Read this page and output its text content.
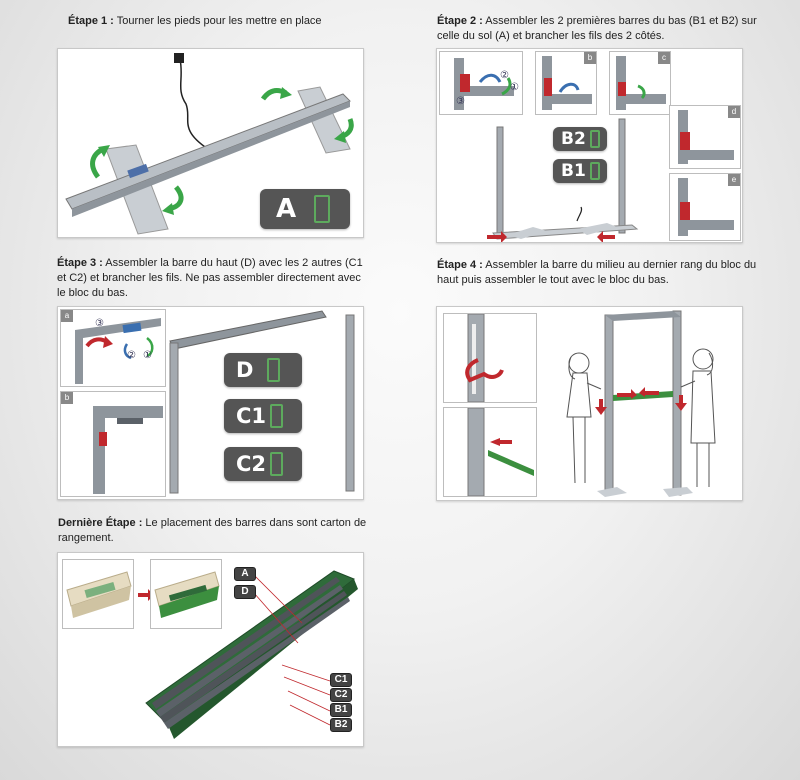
Étape 1 : Tourner les pieds pour les mettre en place
A
Étape 2 : Assembler les 2 premières barres du bas (B1 et B2) sur celle du sol (A) et brancher les fils des 2 côtés.
②
①
③
b	c
d
e
B2
B1
Étape 3 : Assembler la barre du haut (D) avec les 2 autres (C1 et C2) et brancher les fils. Ne pas assembler directement avec le bloc du bas.
a
③
② ①
b
D
C1
C2
Étape 4 : Assembler la barre du milieu au dernier rang du bloc du haut puis assembler le tout avec le bloc du bas.
Dernière Étape : Le placement des barres dans sont carton de rangement.
A
D
C1
C2
B1
B2
